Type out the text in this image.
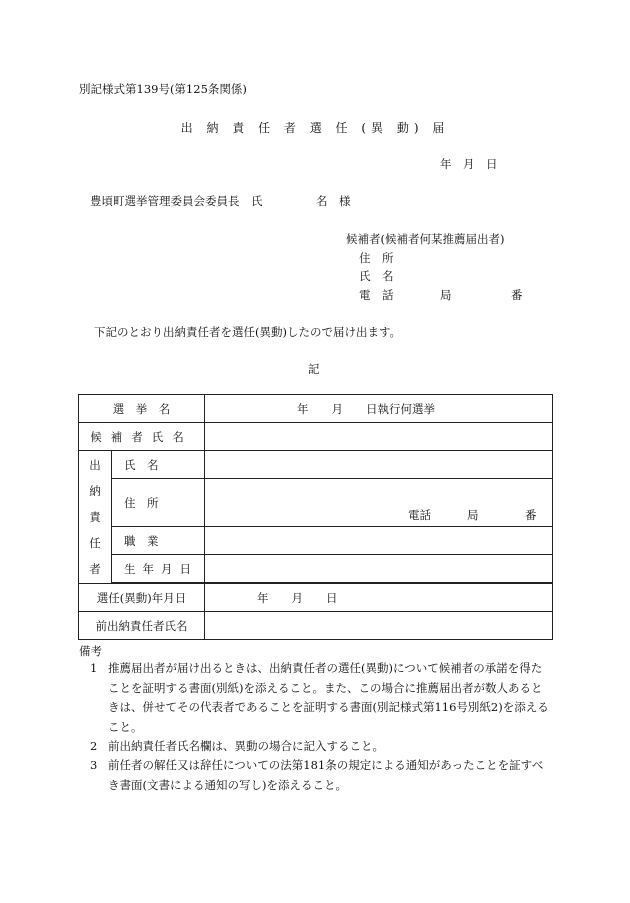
別記様式第139号(第125条関係)
出 納 責 任 者 選 任 (異 動) 届
年　月　日
豊頃町選挙管理委員会委員長　氏	名　様
候補者(候補者何某推薦届出者)
住　所
氏　名
電　話	局	番
下記のとおり出納責任者を選任(異動)したので届け出ます。
記
選　挙　名		年　　月　　日執行何選挙
候補者氏名		

出
納
責
任
者	氏　名	
	住　所	電話 局 番

	職　業	
	生年月日	

選任(異動)年月日		年　　月　　日
前出納責任者氏名		
備考
1 推薦届出者が届け出るときは、出納責任者の選任(異動)について候補者の承諾を得たことを証明する書面(別紙)を添えること。また、この場合に推薦届出者が数人あるときは、併せてその代表者であることを証明する書面(別記様式第116号別紙2)を添えること。
2 前出納責任者氏名欄は、異動の場合に記入すること。
3 前任者の解任又は辞任についての法第181条の規定による通知があったことを証すべき書面(文書による通知の写し)を添えること。
